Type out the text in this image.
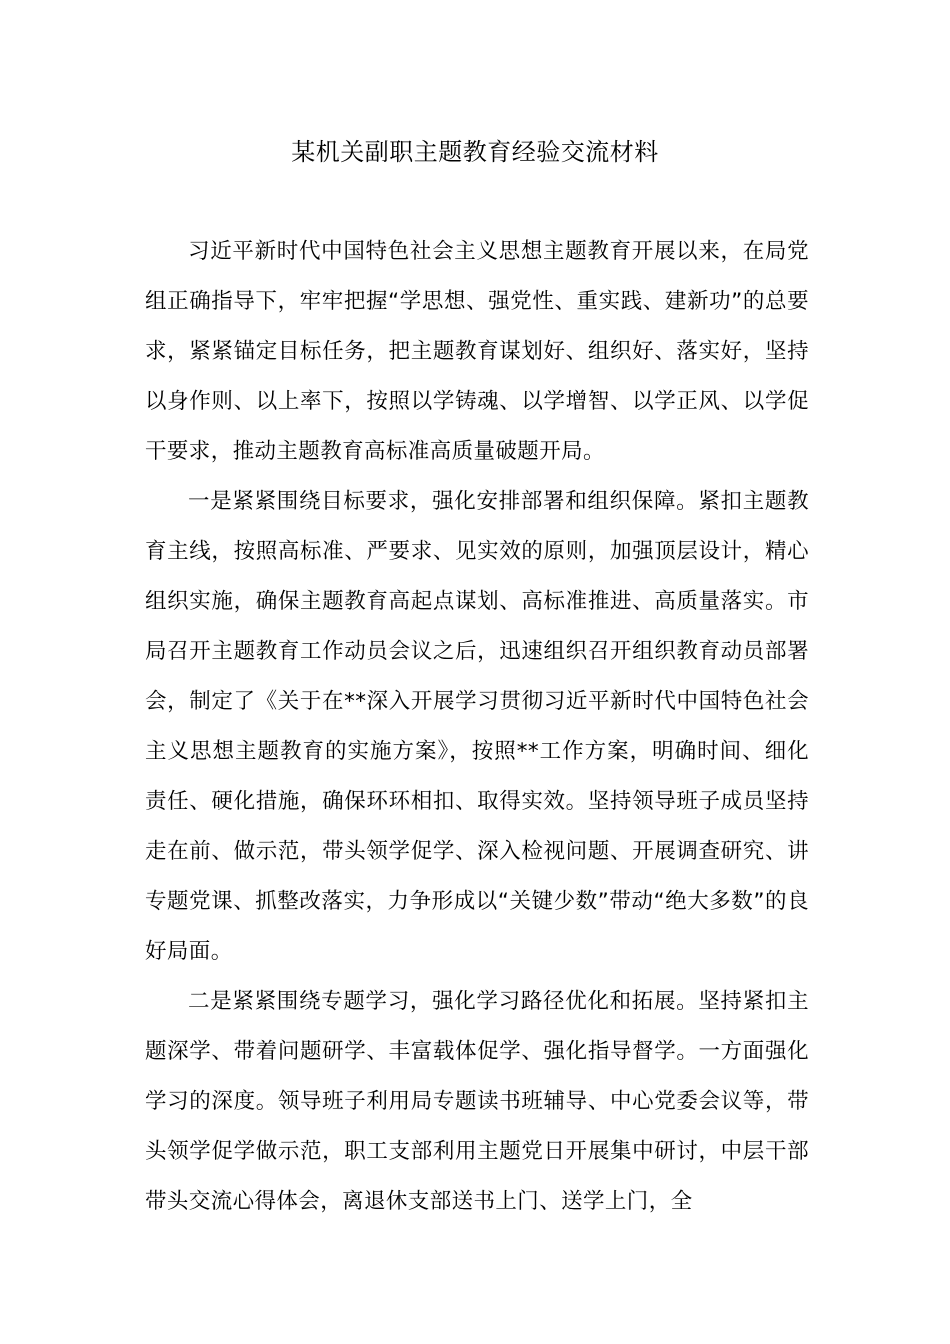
某机关副职主题教育经验交流材料

习近平新时代中国特色社会主义思想主题教育开展以来，在局党组正确指导下，牢牢把握“学思想、强党性、重实践、建新功”的总要求，紧紧锚定目标任务，把主题教育谋划好、组织好、落实好，坚持以身作则、以上率下，按照以学铸魂、以学增智、以学正风、以学促干要求，推动主题教育高标准高质量破题开局。

一是紧紧围绕目标要求，强化安排部署和组织保障。紧扣主题教育主线，按照高标准、严要求、见实效的原则，加强顶层设计，精心组织实施，确保主题教育高起点谋划、高标准推进、高质量落实。市局召开主题教育工作动员会议之后，迅速组织召开组织教育动员部署会，制定了《关于在**深入开展学习贯彻习近平新时代中国特色社会主义思想主题教育的实施方案》，按照**工作方案，明确时间、细化责任、硬化措施，确保环环相扣、取得实效。坚持领导班子成员坚持走在前、做示范，带头领学促学、深入检视问题、开展调查研究、讲专题党课、抓整改落实，力争形成以“关键少数”带动“绝大多数”的良好局面。

二是紧紧围绕专题学习，强化学习路径优化和拓展。坚持紧扣主题深学、带着问题研学、丰富载体促学、强化指导督学。一方面强化学习的深度。领导班子利用局专题读书班辅导、中心党委会议等，带头领学促学做示范，职工支部利用主题党日开展集中研讨，中层干部带头交流心得体会，离退休支部送书上门、送学上门，全
